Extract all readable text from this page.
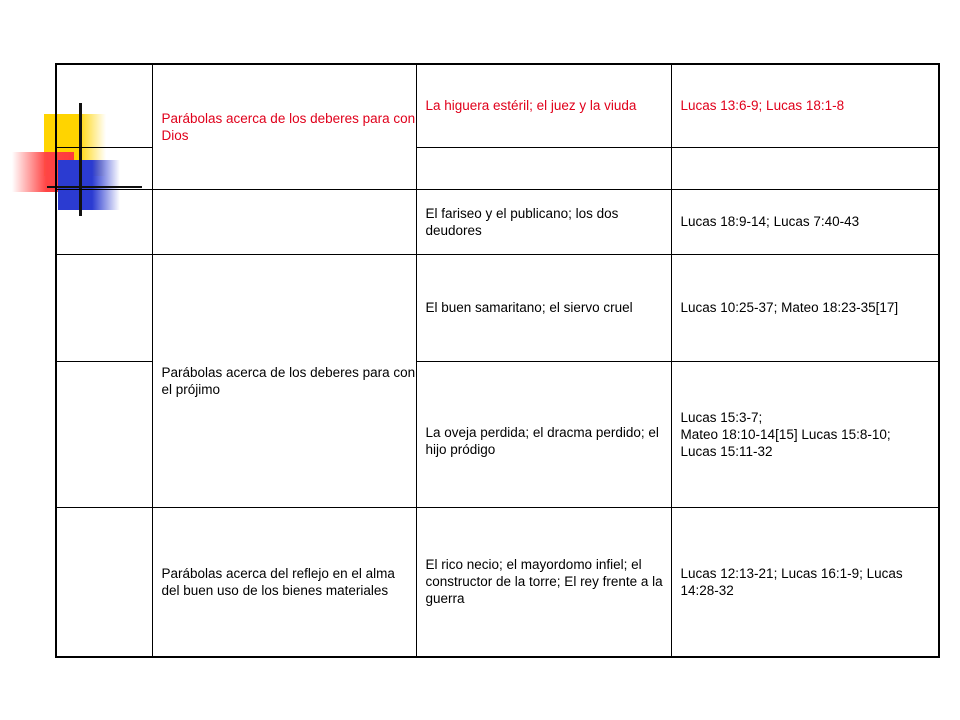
	Parábolas acerca de los deberes para con Dios	La higuera estéril; el juez y la viuda	Lucas 13:6-9; Lucas 18:1-8

		El fariseo y el publicano; los dos deudores	Lucas 18:9-14; Lucas 7:40-43
	Parábolas acerca de los deberes para con el prójimo	El buen samaritano; el siervo cruel	Lucas 10:25-37; Mateo 18:23-35[17]

		La oveja perdida; el dracma perdido; el hijo pródigo	Lucas 15:3-7;
Mateo 18:10-14[15] Lucas 15:8-10;
Lucas 15:11-32

	Parábolas acerca del reflejo en el alma del buen uso de los bienes materiales	El rico necio; el mayordomo infiel; el constructor de la torre; El rey frente a la guerra	Lucas 12:13-21; Lucas 16:1-9; Lucas 14:28-32
